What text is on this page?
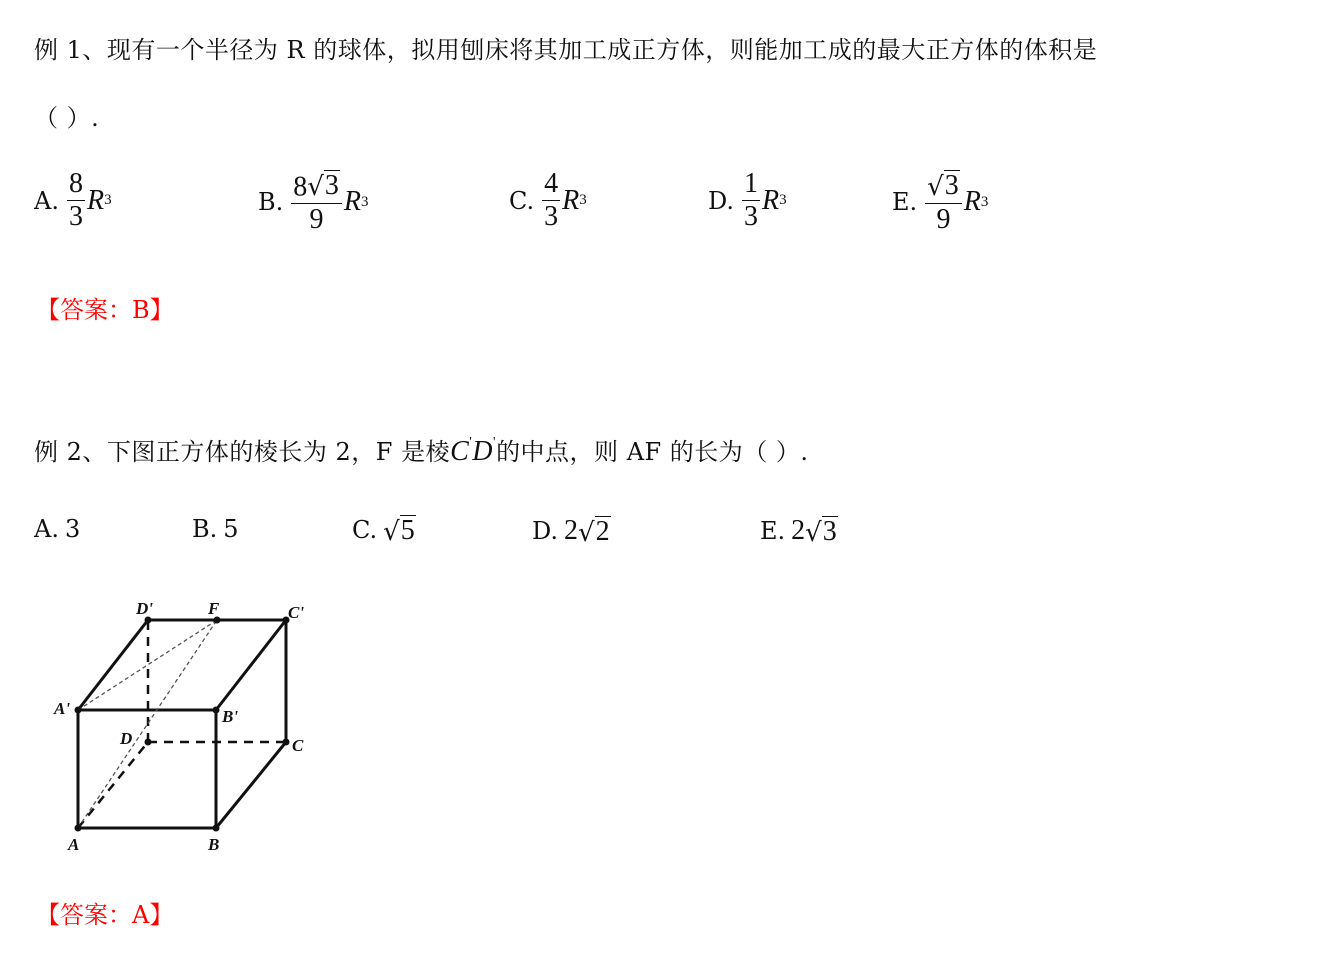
例 1、现有一个半径为 R 的球体，拟用刨床将其加工成正方体，则能加工成的最大正方体的体积是
（ ）.
A. $\frac{8}{3}$ R 3	B. $\frac{8 √ 3}{9}$ R 3	C. $\frac{4}{3}$ R 3	D. $\frac{1}{3}$ R 3	E. $\frac{√ 3}{9}$ R 3
【答案：B】
例 2、下图正方体的棱长为 2，F 是棱C'D'的中点，则 AF 的长为（ ）.
A. 3	B. 5	C. √ 5	D. 2 √ 2	E. 2 √ 3
D'	F	C'
A'	B'
D	C
A	B
【答案：A】
